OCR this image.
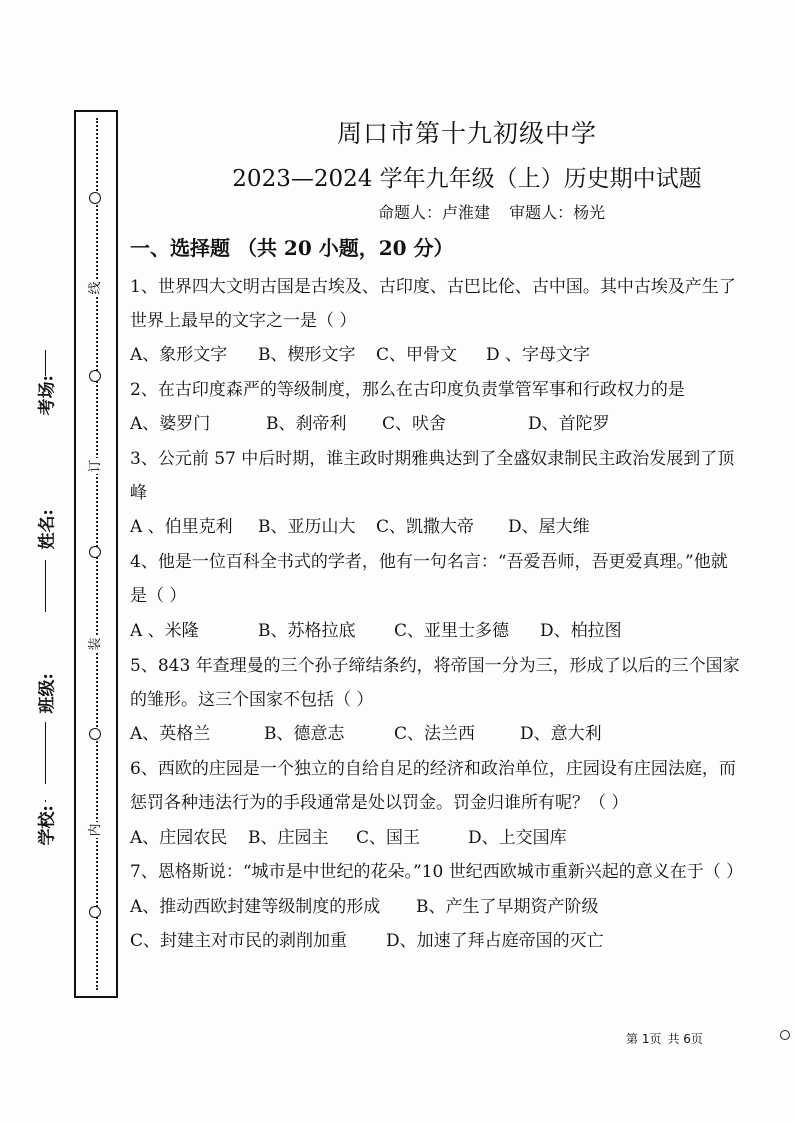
线
订
装
内
考场:
姓名:
班级:
学校:
周口市第十九初级中学
2023—2024 学年九年级（上）历史期中试题
命题人：卢淮建 审题人：杨光
一、选择题 （共 20 小题，20 分）
1、世界四大文明古国是古埃及、古印度、古巴比伦、古中国。其中古埃及产生了
世界上最早的文字之一是（ ）
A、象形文字 B、楔形文字 C、甲骨文 D 、字母文字
2、在古印度森严的等级制度，那么在古印度负责掌管军事和行政权力的是
A、婆罗门	B、刹帝利 C、吠舍	D、首陀罗
3、公元前 57 中后时期，谁主政时期雅典达到了全盛奴隶制民主政治发展到了顶
峰
A 、伯里克利 B、亚历山大 C、凯撒大帝 D、屋大维
4、他是一位百科全书式的学者，他有一句名言：“吾爱吾师，吾更爱真理。”他就
是（ ）
A 、米隆	B、苏格拉底 C、亚里士多德 D、柏拉图
5、843 年查理曼的三个孙子缔结条约，将帝国一分为三，形成了以后的三个国家
的雏形。这三个国家不包括（ ）
A、英格兰	B、德意志	C、法兰西	D、意大利
6、西欧的庄园是一个独立的自给自足的经济和政治单位，庄园设有庄园法庭，而
惩罚各种违法行为的手段通常是处以罚金。罚金归谁所有呢？（ ）
A、庄园农民 B、庄园主 C、国王	D、上交国库
7、恩格斯说：“城市是中世纪的花朵。”10 世纪西欧城市重新兴起的意义在于（ ）
A、推动西欧封建等级制度的形成 B、产生了早期资产阶级
C、封建主对市民的剥削加重 D、加速了拜占庭帝国的灭亡
第 1页 共 6页
